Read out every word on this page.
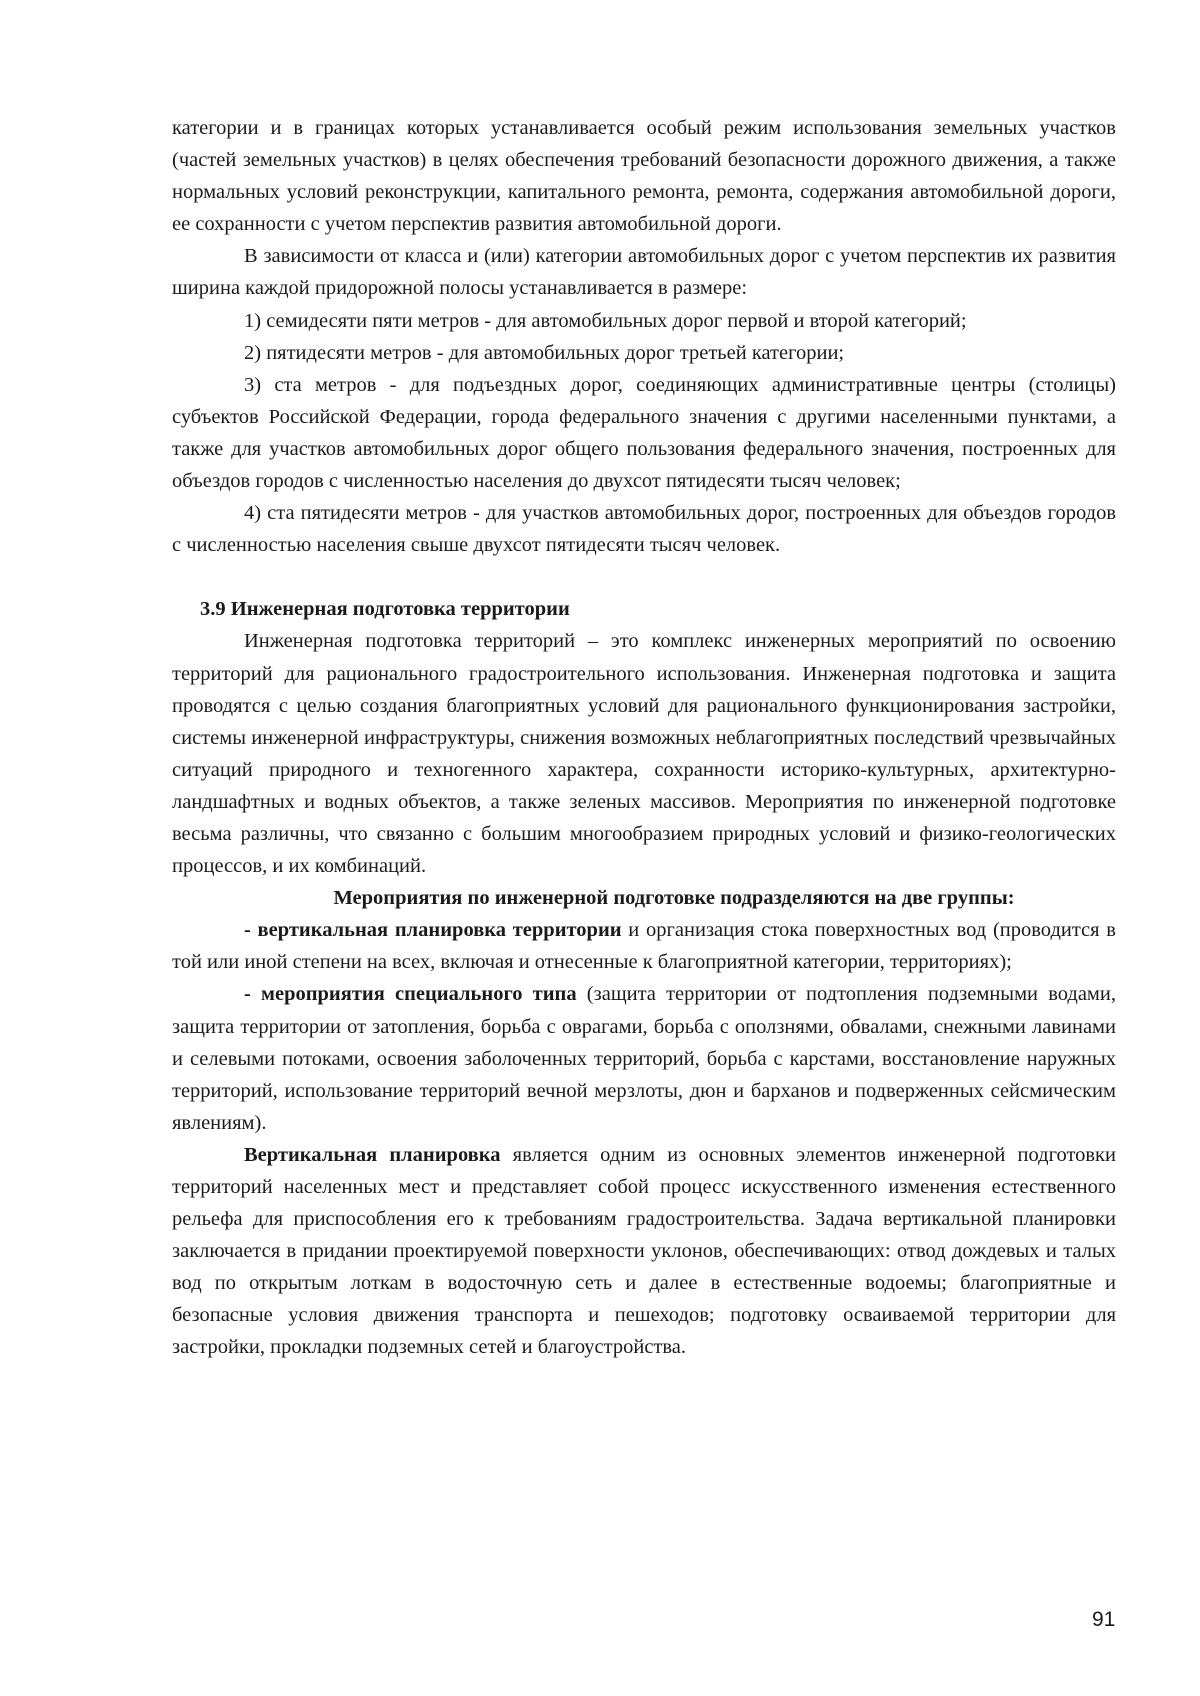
категории и в границах которых устанавливается особый режим использования земельных участков (частей земельных участков) в целях обеспечения требований безопасности дорожного движения, а также нормальных условий реконструкции, капитального ремонта, ремонта, содержания автомобильной дороги, ее сохранности с учетом перспектив развития автомобильной дороги.

В зависимости от класса и (или) категории автомобильных дорог с учетом перспектив их развития ширина каждой придорожной полосы устанавливается в размере:

1) семидесяти пяти метров - для автомобильных дорог первой и второй категорий;

2) пятидесяти метров - для автомобильных дорог третьей категории;

3) ста метров - для подъездных дорог, соединяющих административные центры (столицы) субъектов Российской Федерации, города федерального значения с другими населенными пунктами, а также для участков автомобильных дорог общего пользования федерального значения, построенных для объездов городов с численностью населения до двухсот пятидесяти тысяч человек;

4) ста пятидесяти метров - для участков автомобильных дорог, построенных для объездов городов с численностью населения свыше двухсот пятидесяти тысяч человек.

3.9 Инженерная подготовка территории

Инженерная подготовка территорий – это комплекс инженерных мероприятий по освоению территорий для рационального градостроительного использования. Инженерная подготовка и защита проводятся с целью создания благоприятных условий для рационального функционирования застройки, системы инженерной инфраструктуры, снижения возможных неблагоприятных последствий чрезвычайных ситуаций природного и техногенного характера, сохранности историко-культурных, архитектурно-ландшафтных и водных объектов, а также зеленых массивов. Мероприятия по инженерной подготовке весьма различны, что связанно с большим многообразием природных условий и физико-геологических процессов, и их комбинаций.

Мероприятия по инженерной подготовке подразделяются на две группы:

- вертикальная планировка территории и организация стока поверхностных вод (проводится в той или иной степени на всех, включая и отнесенные к благоприятной категории, территориях);

- мероприятия специального типа (защита территории от подтопления подземными водами, защита территории от затопления, борьба с оврагами, борьба с оползнями, обвалами, снежными лавинами и селевыми потоками, освоения заболоченных территорий, борьба с карстами, восстановление наружных территорий, использование территорий вечной мерзлоты, дюн и барханов и подверженных сейсмическим явлениям).

Вертикальная планировка является одним из основных элементов инженерной подготовки территорий населенных мест и представляет собой процесс искусственного изменения естественного рельефа для приспособления его к требованиям градостроительства. Задача вертикальной планировки заключается в придании проектируемой поверхности уклонов, обеспечивающих: отвод дождевых и талых вод по открытым лоткам в водосточную сеть и далее в естественные водоемы; благоприятные и безопасные условия движения транспорта и пешеходов; подготовку осваиваемой территории для застройки, прокладки подземных сетей и благоустройства.

91
